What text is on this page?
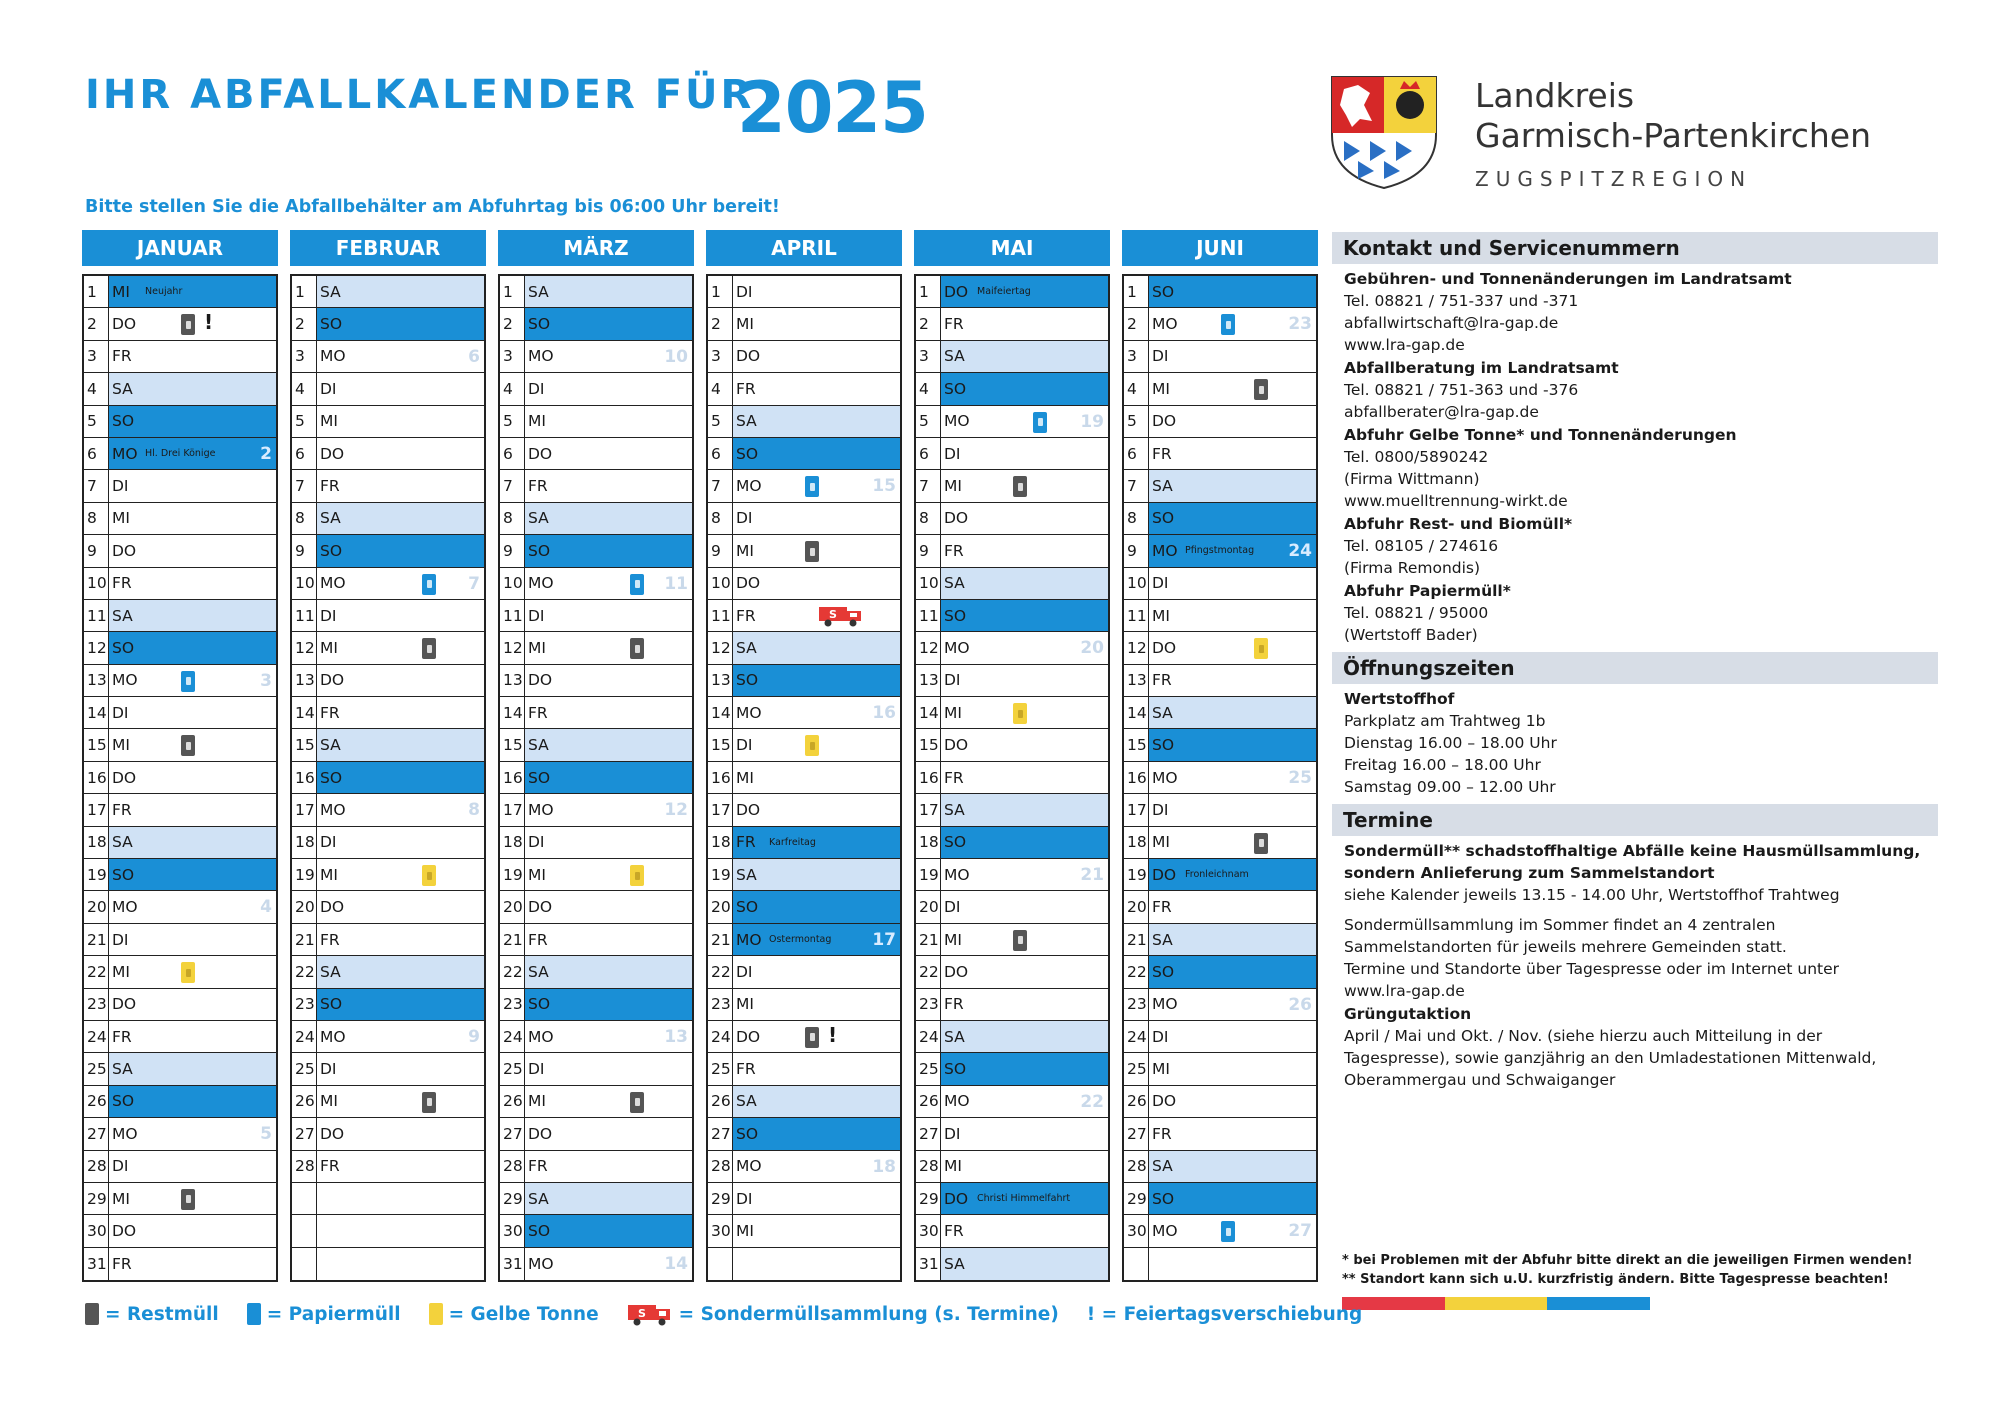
IHR ABFALLKALENDER FÜR
2025
Bitte stellen Sie die Abfallbehälter am Abfuhrtag bis 06:00 Uhr bereit!
Landkreis
Garmisch-Partenkirchen
ZUGSPITZREGION
JANUAR
1 MI	Neujahr
2 DO	!
3 FR
4 SA
5 SO
6 MO Hl. Drei Könige	2
7 DI
8 MI
9 DO
10 FR
11 SA
12 SO
13 MO	3
14 DI
15 MI
16 DO
17 FR
18 SA
19 SO
20 MO	4
21 DI
22 MI
23 DO
24 FR
25 SA
26 SO
27 MO	5
28 DI
29 MI
30 DO
31 FR
FEBRUAR
1 SA
2 SO
3 MO	6
4 DI
5 MI
6 DO
7 FR
8 SA
9 SO
10 MO	7
11 DI
12 MI
13 DO
14 FR
15 SA
16 SO
17 MO	8
18 DI
19 MI
20 DO
21 FR
22 SA
23 SO
24 MO	9
25 DI
26 MI
27 DO
28 FR
MÄRZ
1 SA
2 SO
3 MO	10
4 DI
5 MI
6 DO
7 FR
8 SA
9 SO
10 MO	11
11 DI
12 MI
13 DO
14 FR
15 SA
16 SO
17 MO	12
18 DI
19 MI
20 DO
21 FR
22 SA
23 SO
24 MO	13
25 DI
26 MI
27 DO
28 FR
29 SA
30 SO
31 MO	14
APRIL
1 DI
2 MI
3 DO
4 FR
5 SA
6 SO
7 MO	15
8 DI
9 MI
10 DO
11 FR	S
12 SA
13 SO
14 MO	16
15 DI
16 MI
17 DO
18 FR	Karfreitag
19 SA
20 SO
21 MO Ostermontag 17
22 DI
23 MI
24 DO	!
25 FR
26 SA
27 SO
28 MO	18
29 DI
30 MI
MAI
1 DO Maifeiertag
2 FR
3 SA
4 SO
5 MO	19
6 DI
7 MI
8 DO
9 FR
10 SA
11 SO
12 MO	20
13 DI
14 MI
15 DO
16 FR
17 SA
18 SO
19 MO	21
20 DI
21 MI
22 DO
23 FR
24 SA
25 SO
26 MO	22
27 DI
28 MI
29 DO Christi Himmelfahrt
30 FR
31 SA
JUNI
1 SO
2 MO	23
3 DI
4 MI
5 DO
6 FR
7 SA
8 SO
9 MO Pfingstmontag 24
10 DI
11 MI
12 DO
13 FR
14 SA
15 SO
16 MO	25
17 DI
18 MI
19 DO Fronleichnam
20 FR
21 SA
22 SO
23 MO	26
24 DI
25 MI
26 DO
27 FR
28 SA
29 SO
30 MO	27
Kontakt und Servicenummern
Gebühren- und Tonnenänderungen im Landratsamt
Tel. 08821 / 751-337 und -371
abfallwirtschaft@lra-gap.de
www.lra-gap.de
Abfallberatung im Landratsamt
Tel. 08821 / 751-363 und -376
abfallberater@lra-gap.de
Abfuhr Gelbe Tonne* und Tonnenänderungen
Tel. 0800/5890242
(Firma Wittmann)
www.muelltrennung-wirkt.de
Abfuhr Rest- und Biomüll*
Tel. 08105 / 274616
(Firma Remondis)
Abfuhr Papiermüll*
Tel. 08821 / 95000
(Wertstoff Bader)
Öffnungszeiten
Wertstoffhof
Parkplatz am Trahtweg 1b
Dienstag 16.00 – 18.00 Uhr
Freitag 16.00 – 18.00 Uhr
Samstag 09.00 – 12.00 Uhr
Termine
Sondermüll** schadstoffhaltige Abfälle keine Hausmüllsammlung,
sondern Anlieferung zum Sammelstandort
siehe Kalender jeweils 13.15 - 14.00 Uhr, Wertstoffhof Trahtweg
Sondermüllsammlung im Sommer findet an 4 zentralen
Sammelstandorten für jeweils mehrere Gemeinden statt.
Termine und Standorte über Tagespresse oder im Internet unter
www.lra-gap.de
Grüngutaktion
April / Mai und Okt. / Nov. (siehe hierzu auch Mitteilung in der
Tagespresse), sowie ganzjährig an den Umladestationen Mittenwald,
Oberammergau und Schwaiganger
* bei Problemen mit der Abfuhr bitte direkt an die jeweiligen Firmen wenden!
** Standort kann sich u.U. kurzfristig ändern. Bitte Tagespresse beachten!
= Restmüll	= Papiermüll	= Gelbe Tonne	S = Sondermüllsammlung (s. Termine) ! = Feiertagsverschiebung
